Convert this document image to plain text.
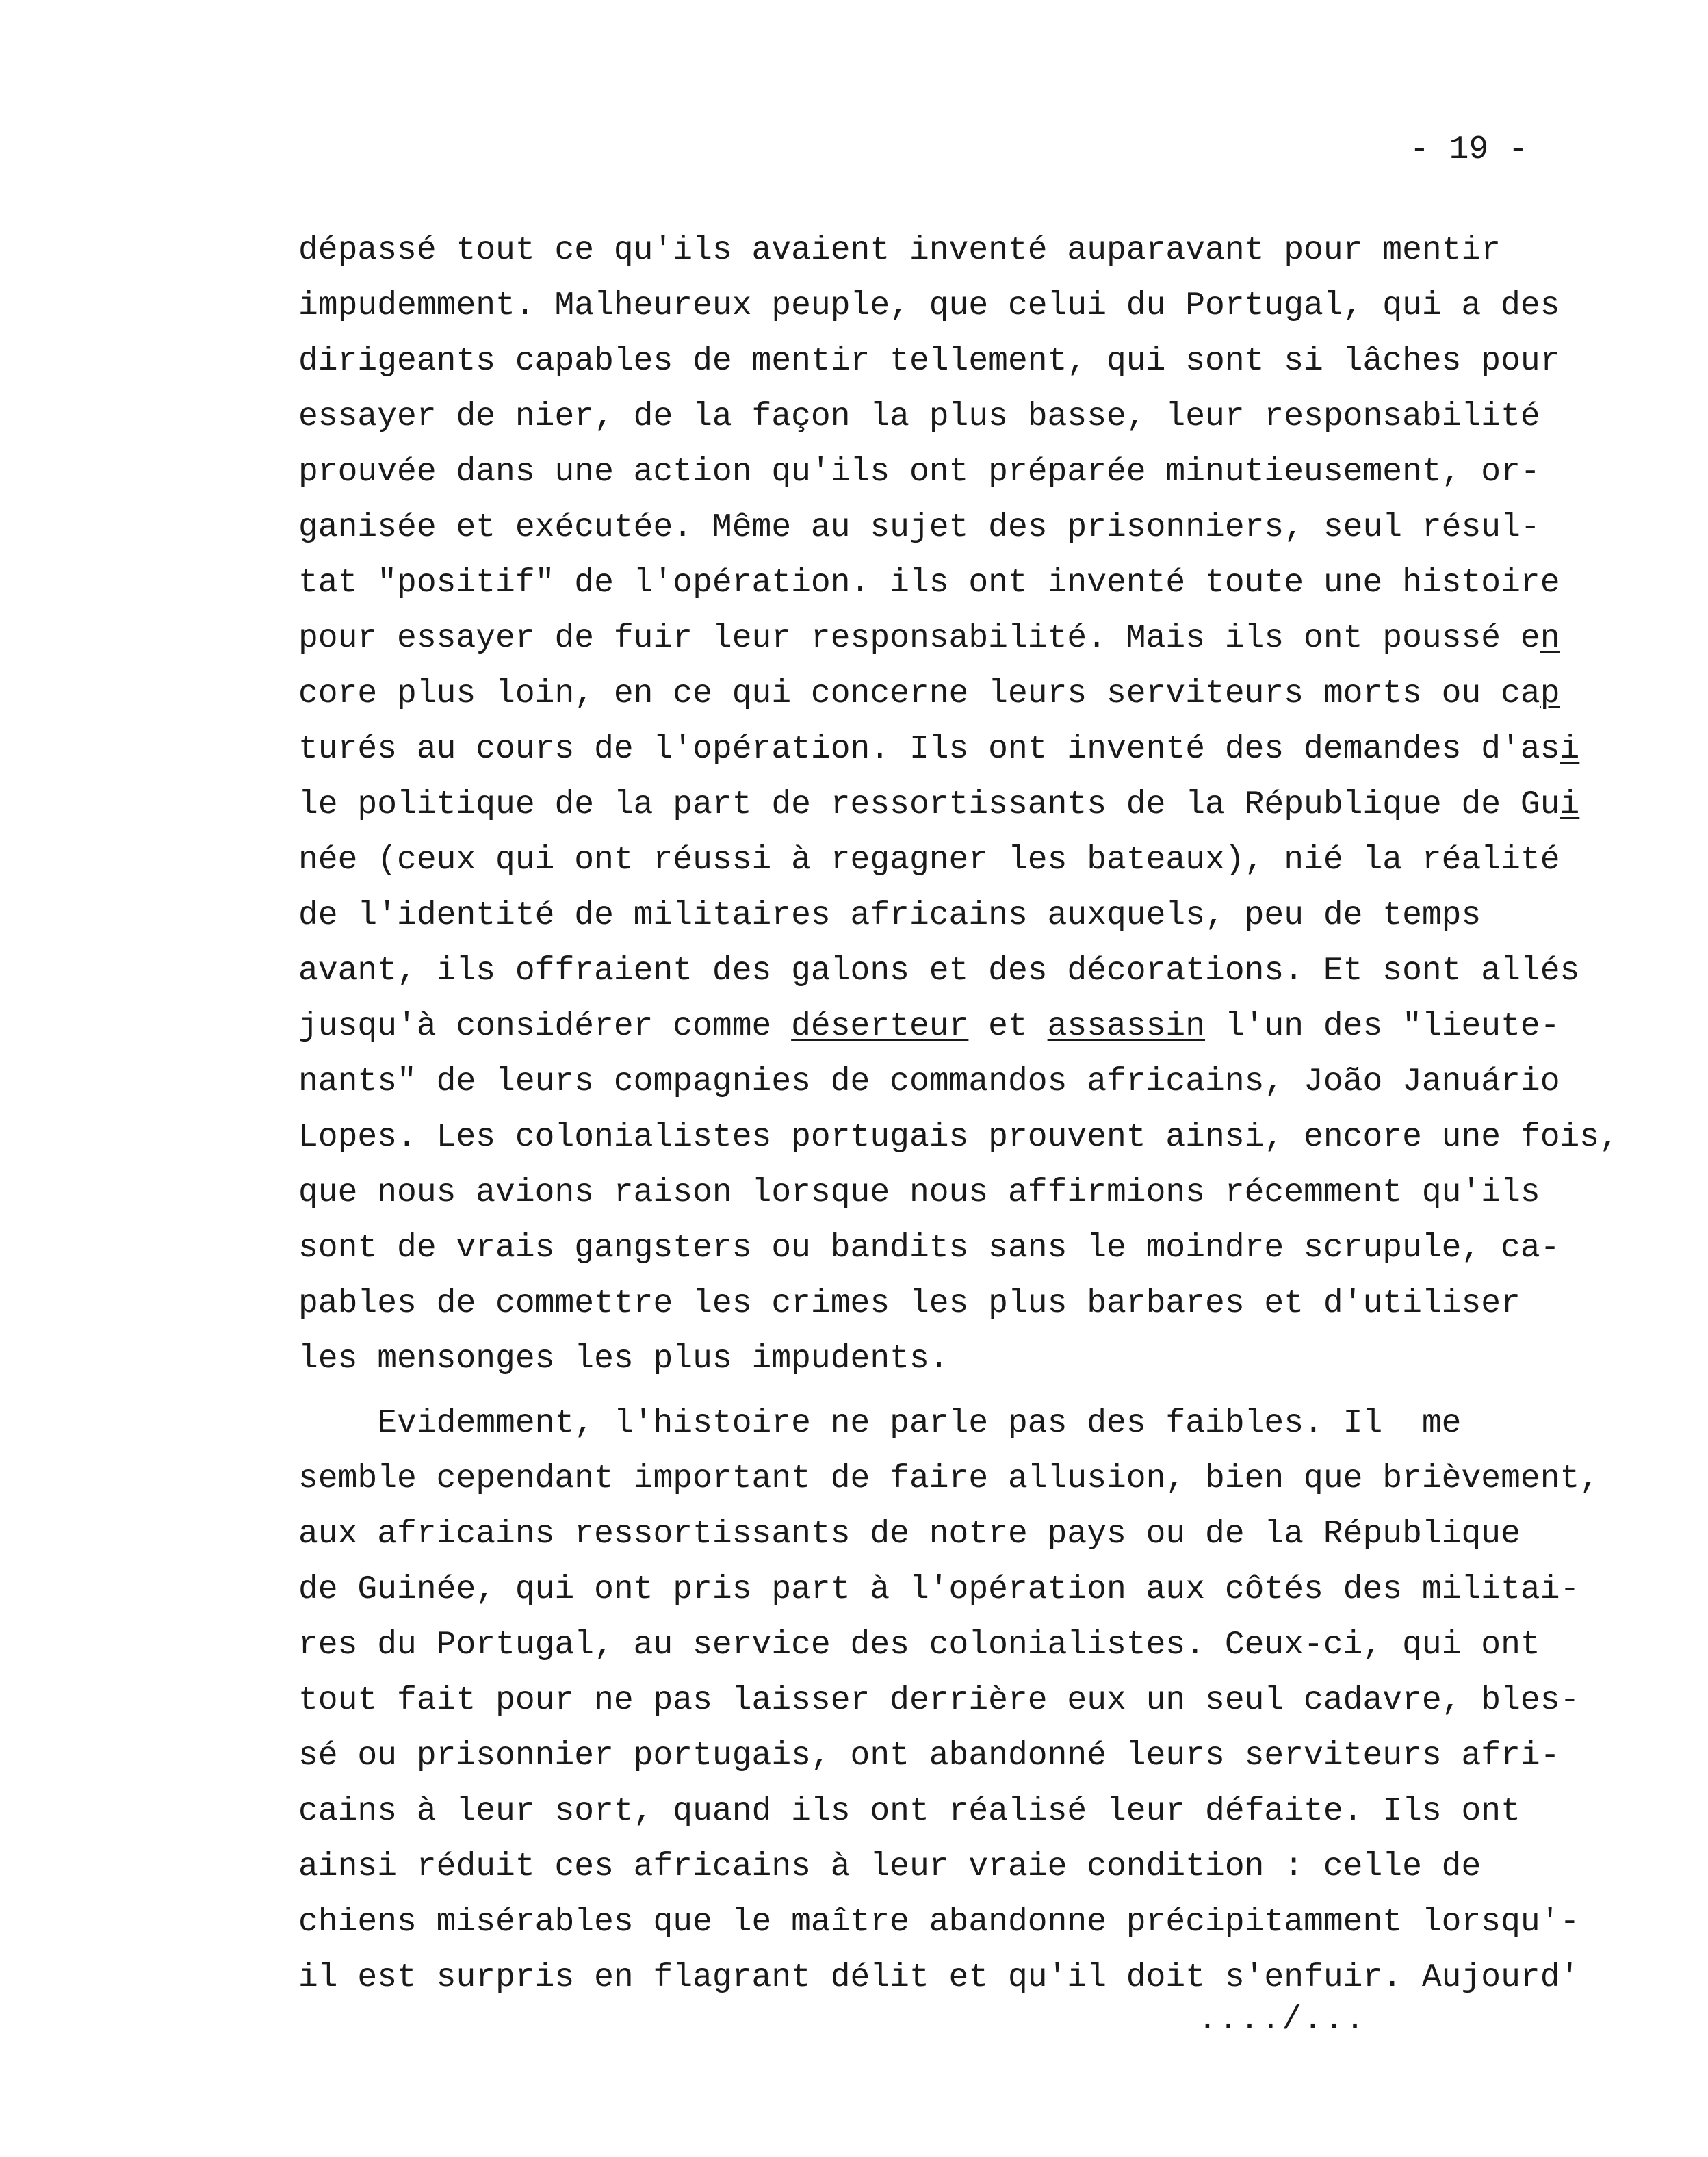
- 19 -
dépassé tout ce qu'ils avaient inventé auparavant pour mentir
impudemment. Malheureux peuple, que celui du Portugal, qui a des
dirigeants capables de mentir tellement, qui sont si lâches pour
essayer de nier, de la façon la plus basse, leur responsabilité
prouvée dans une action qu'ils ont préparée minutieusement, or-
ganisée et exécutée. Même au sujet des prisonniers, seul résul-
tat "positif" de l'opération. ils ont inventé toute une histoire
pour essayer de fuir leur responsabilité. Mais ils ont poussé en
core plus loin, en ce qui concerne leurs serviteurs morts ou cap
turés au cours de l'opération. Ils ont inventé des demandes d'asi
le politique de la part de ressortissants de la République de Gui
née (ceux qui ont réussi à regagner les bateaux), nié la réalité
de l'identité de militaires africains auxquels, peu de temps
avant, ils offraient des galons et des décorations. Et sont allés
jusqu'à considérer comme déserteur et assassin l'un des "lieute-
nants" de leurs compagnies de commandos africains, João Januário
Lopes. Les colonialistes portugais prouvent ainsi, encore une fois,
que nous avions raison lorsque nous affirmions récemment qu'ils
sont de vrais gangsters ou bandits sans le moindre scrupule, ca-
pables de commettre les crimes les plus barbares et d'utiliser
les mensonges les plus impudents.
Evidemment, l'histoire ne parle pas des faibles. Il  me
semble cependant important de faire allusion, bien que brièvement,
aux africains ressortissants de notre pays ou de la République
de Guinée, qui ont pris part à l'opération aux côtés des militai-
res du Portugal, au service des colonialistes. Ceux-ci, qui ont
tout fait pour ne pas laisser derrière eux un seul cadavre, bles-
sé ou prisonnier portugais, ont abandonné leurs serviteurs afri-
cains à leur sort, quand ils ont réalisé leur défaite. Ils ont
ainsi réduit ces africains à leur vraie condition : celle de
chiens misérables que le maître abandonne précipitamment lorsqu'-
il est surpris en flagrant délit et qu'il doit s'enfuir. Aujourd'
..../...
